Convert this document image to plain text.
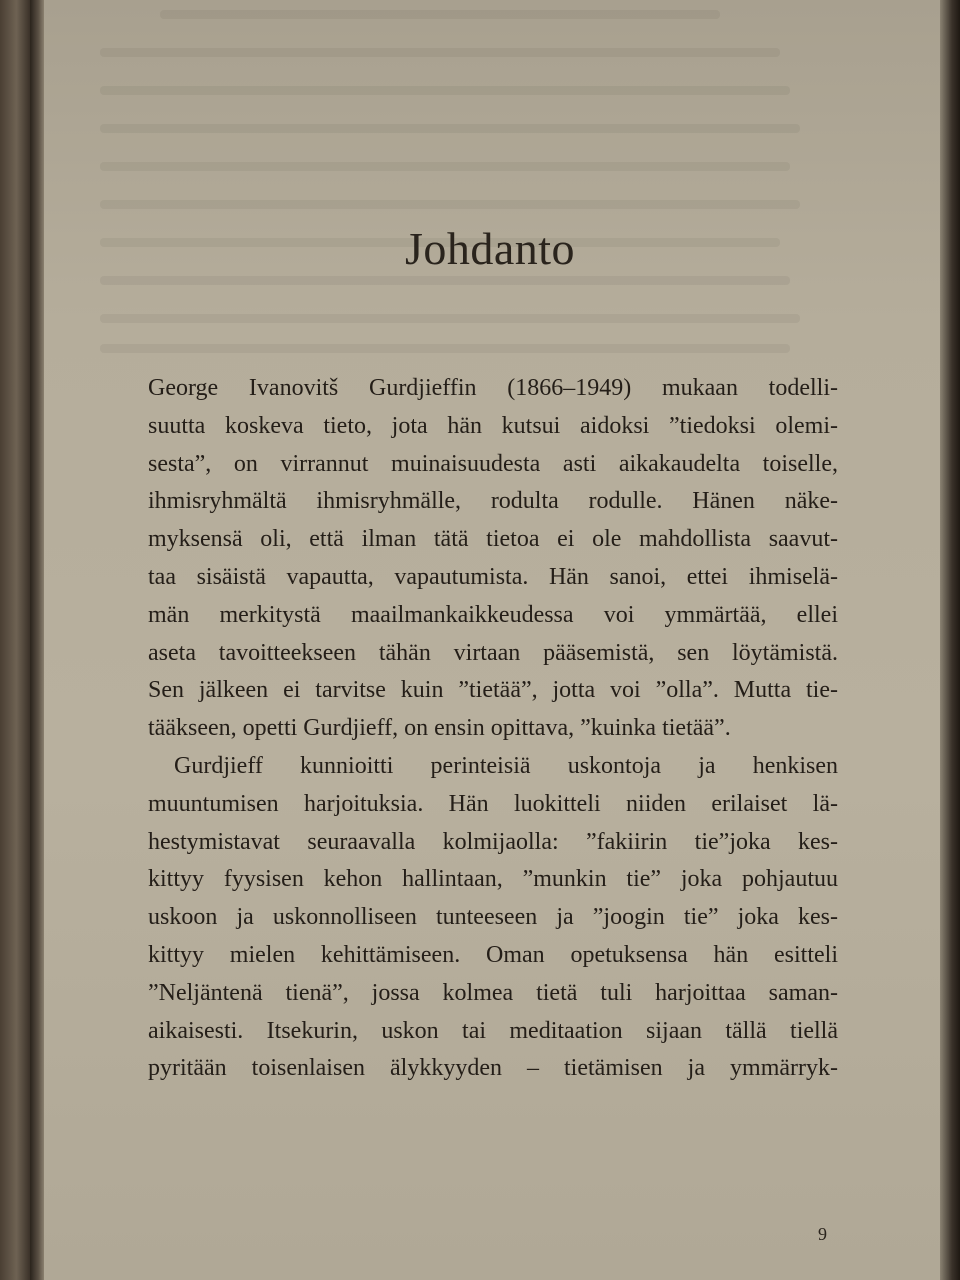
Johdanto
George Ivanovitš Gurdjieffin (1866–1949) mukaan todelli-
suutta koskeva tieto, jota hän kutsui aidoksi ”tiedoksi olemi-
sesta”, on virrannut muinaisuudesta asti aikakaudelta toiselle,
ihmisryhmältä ihmisryhmälle, rodulta rodulle. Hänen näke-
myksensä oli, että ilman tätä tietoa ei ole mahdollista saavut-
taa sisäistä vapautta, vapautumista. Hän sanoi, ettei ihmiselä-
män merkitystä maailmankaikkeudessa voi ymmärtää, ellei
aseta tavoitteekseen tähän virtaan pääsemistä, sen löytämistä.
Sen jälkeen ei tarvitse kuin ”tietää”, jotta voi ”olla”. Mutta tie-
tääkseen, opetti Gurdjieff, on ensin opittava, ”kuinka tietää”.
Gurdjieff kunnioitti perinteisiä uskontoja ja henkisen
muuntumisen harjoituksia. Hän luokitteli niiden erilaiset lä-
hestymistavat seuraavalla kolmijaolla: ”fakiirin tie”joka kes-
kittyy fyysisen kehon hallintaan, ”munkin tie” joka pohjautuu
uskoon ja uskonnolliseen tunteeseen ja ”joogin tie” joka kes-
kittyy mielen kehittämiseen. Oman opetuksensa hän esitteli
”Neljäntenä tienä”, jossa kolmea tietä tuli harjoittaa saman-
aikaisesti. Itsekurin, uskon tai meditaation sijaan tällä tiellä
pyritään toisenlaisen älykkyyden – tietämisen ja ymmärryk-
9
